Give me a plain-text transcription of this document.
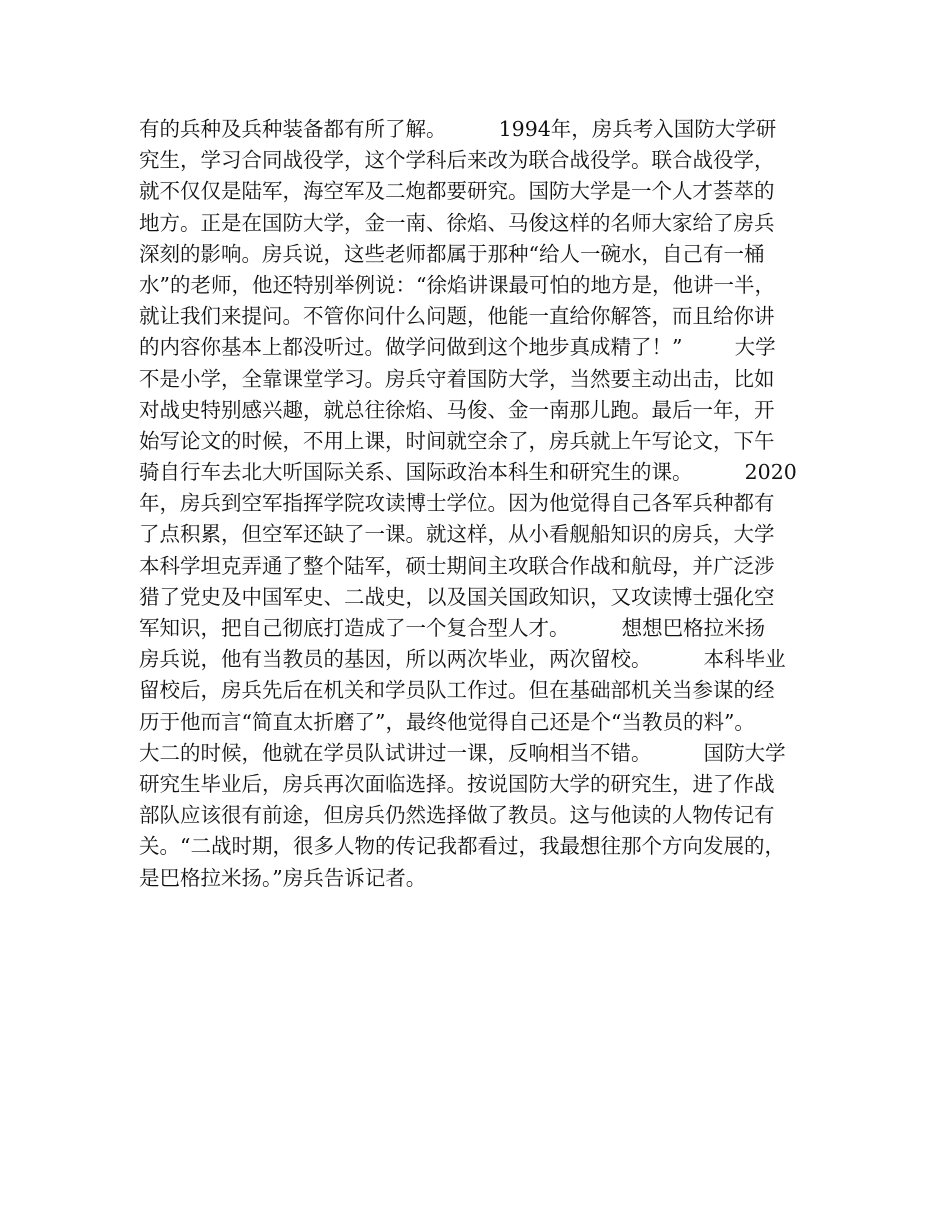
有的兵种及兵种装备都有所了解。        1994年，房兵考入国防大学研
究生，学习合同战役学，这个学科后来改为联合战役学。联合战役学，
就不仅仅是陆军，海空军及二炮都要研究。国防大学是一个人才荟萃的
地方。正是在国防大学，金一南、徐焰、马俊这样的名师大家给了房兵
深刻的影响。房兵说，这些老师都属于那种“给人一碗水，自己有一桶
水”的老师，他还特别举例说：“徐焰讲课最可怕的地方是，他讲一半，
就让我们来提问。不管你问什么问题，他能一直给你解答，而且给你讲
的内容你基本上都没听过。做学问做到这个地步真成精了！”        大学
不是小学，全靠课堂学习。房兵守着国防大学，当然要主动出击，比如
对战史特别感兴趣，就总往徐焰、马俊、金一南那儿跑。最后一年，开
始写论文的时候，不用上课，时间就空余了，房兵就上午写论文，下午
骑自行车去北大听国际关系、国际政治本科生和研究生的课。        2020
年，房兵到空军指挥学院攻读博士学位。因为他觉得自己各军兵种都有
了点积累，但空军还缺了一课。就这样，从小看舰船知识的房兵，大学
本科学坦克弄通了整个陆军，硕士期间主攻联合作战和航母，并广泛涉
猎了党史及中国军史、二战史，以及国关国政知识，又攻读博士强化空
军知识，把自己彻底打造成了一个复合型人才。        想想巴格拉米扬
房兵说，他有当教员的基因，所以两次毕业，两次留校。        本科毕业
留校后，房兵先后在机关和学员队工作过。但在基础部机关当参谋的经
历于他而言“简直太折磨了”，最终他觉得自己还是个“当教员的料”。
大二的时候，他就在学员队试讲过一课，反响相当不错。        国防大学
研究生毕业后，房兵再次面临选择。按说国防大学的研究生，进了作战
部队应该很有前途，但房兵仍然选择做了教员。这与他读的人物传记有
关。“二战时期，很多人物的传记我都看过，我最想往那个方向发展的，
是巴格拉米扬。”房兵告诉记者。
